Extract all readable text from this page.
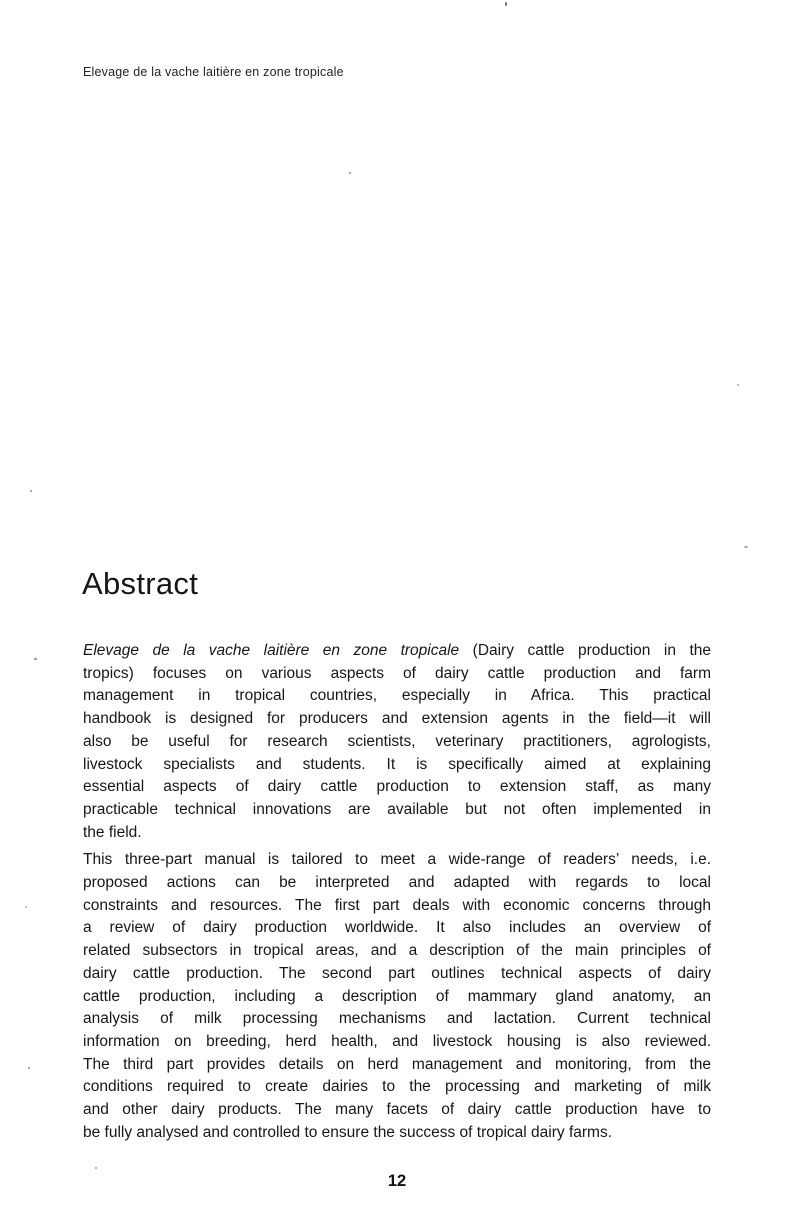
Elevage de la vache laitière en zone tropicale
Abstract
Elevage de la vache laitière en zone tropicale (Dairy cattle production in the
tropics) focuses on various aspects of dairy cattle production and farm
management in tropical countries, especially in Africa. This practical
handbook is designed for producers and extension agents in the field—it will
also be useful for research scientists, veterinary practitioners, agrologists,
livestock specialists and students. It is specifically aimed at explaining
essential aspects of dairy cattle production to extension staff, as many
practicable technical innovations are available but not often implemented in
the field.
This three-part manual is tailored to meet a wide-range of readers’ needs, i.e.
proposed actions can be interpreted and adapted with regards to local
constraints and resources. The first part deals with economic concerns through
a review of dairy production worldwide. It also includes an overview of
related subsectors in tropical areas, and a description of the main principles of
dairy cattle production. The second part outlines technical aspects of dairy
cattle production, including a description of mammary gland anatomy, an
analysis of milk processing mechanisms and lactation. Current technical
information on breeding, herd health, and livestock housing is also reviewed.
The third part provides details on herd management and monitoring, from the
conditions required to create dairies to the processing and marketing of milk
and other dairy products. The many facets of dairy cattle production have to
be fully analysed and controlled to ensure the success of tropical dairy farms.
12
